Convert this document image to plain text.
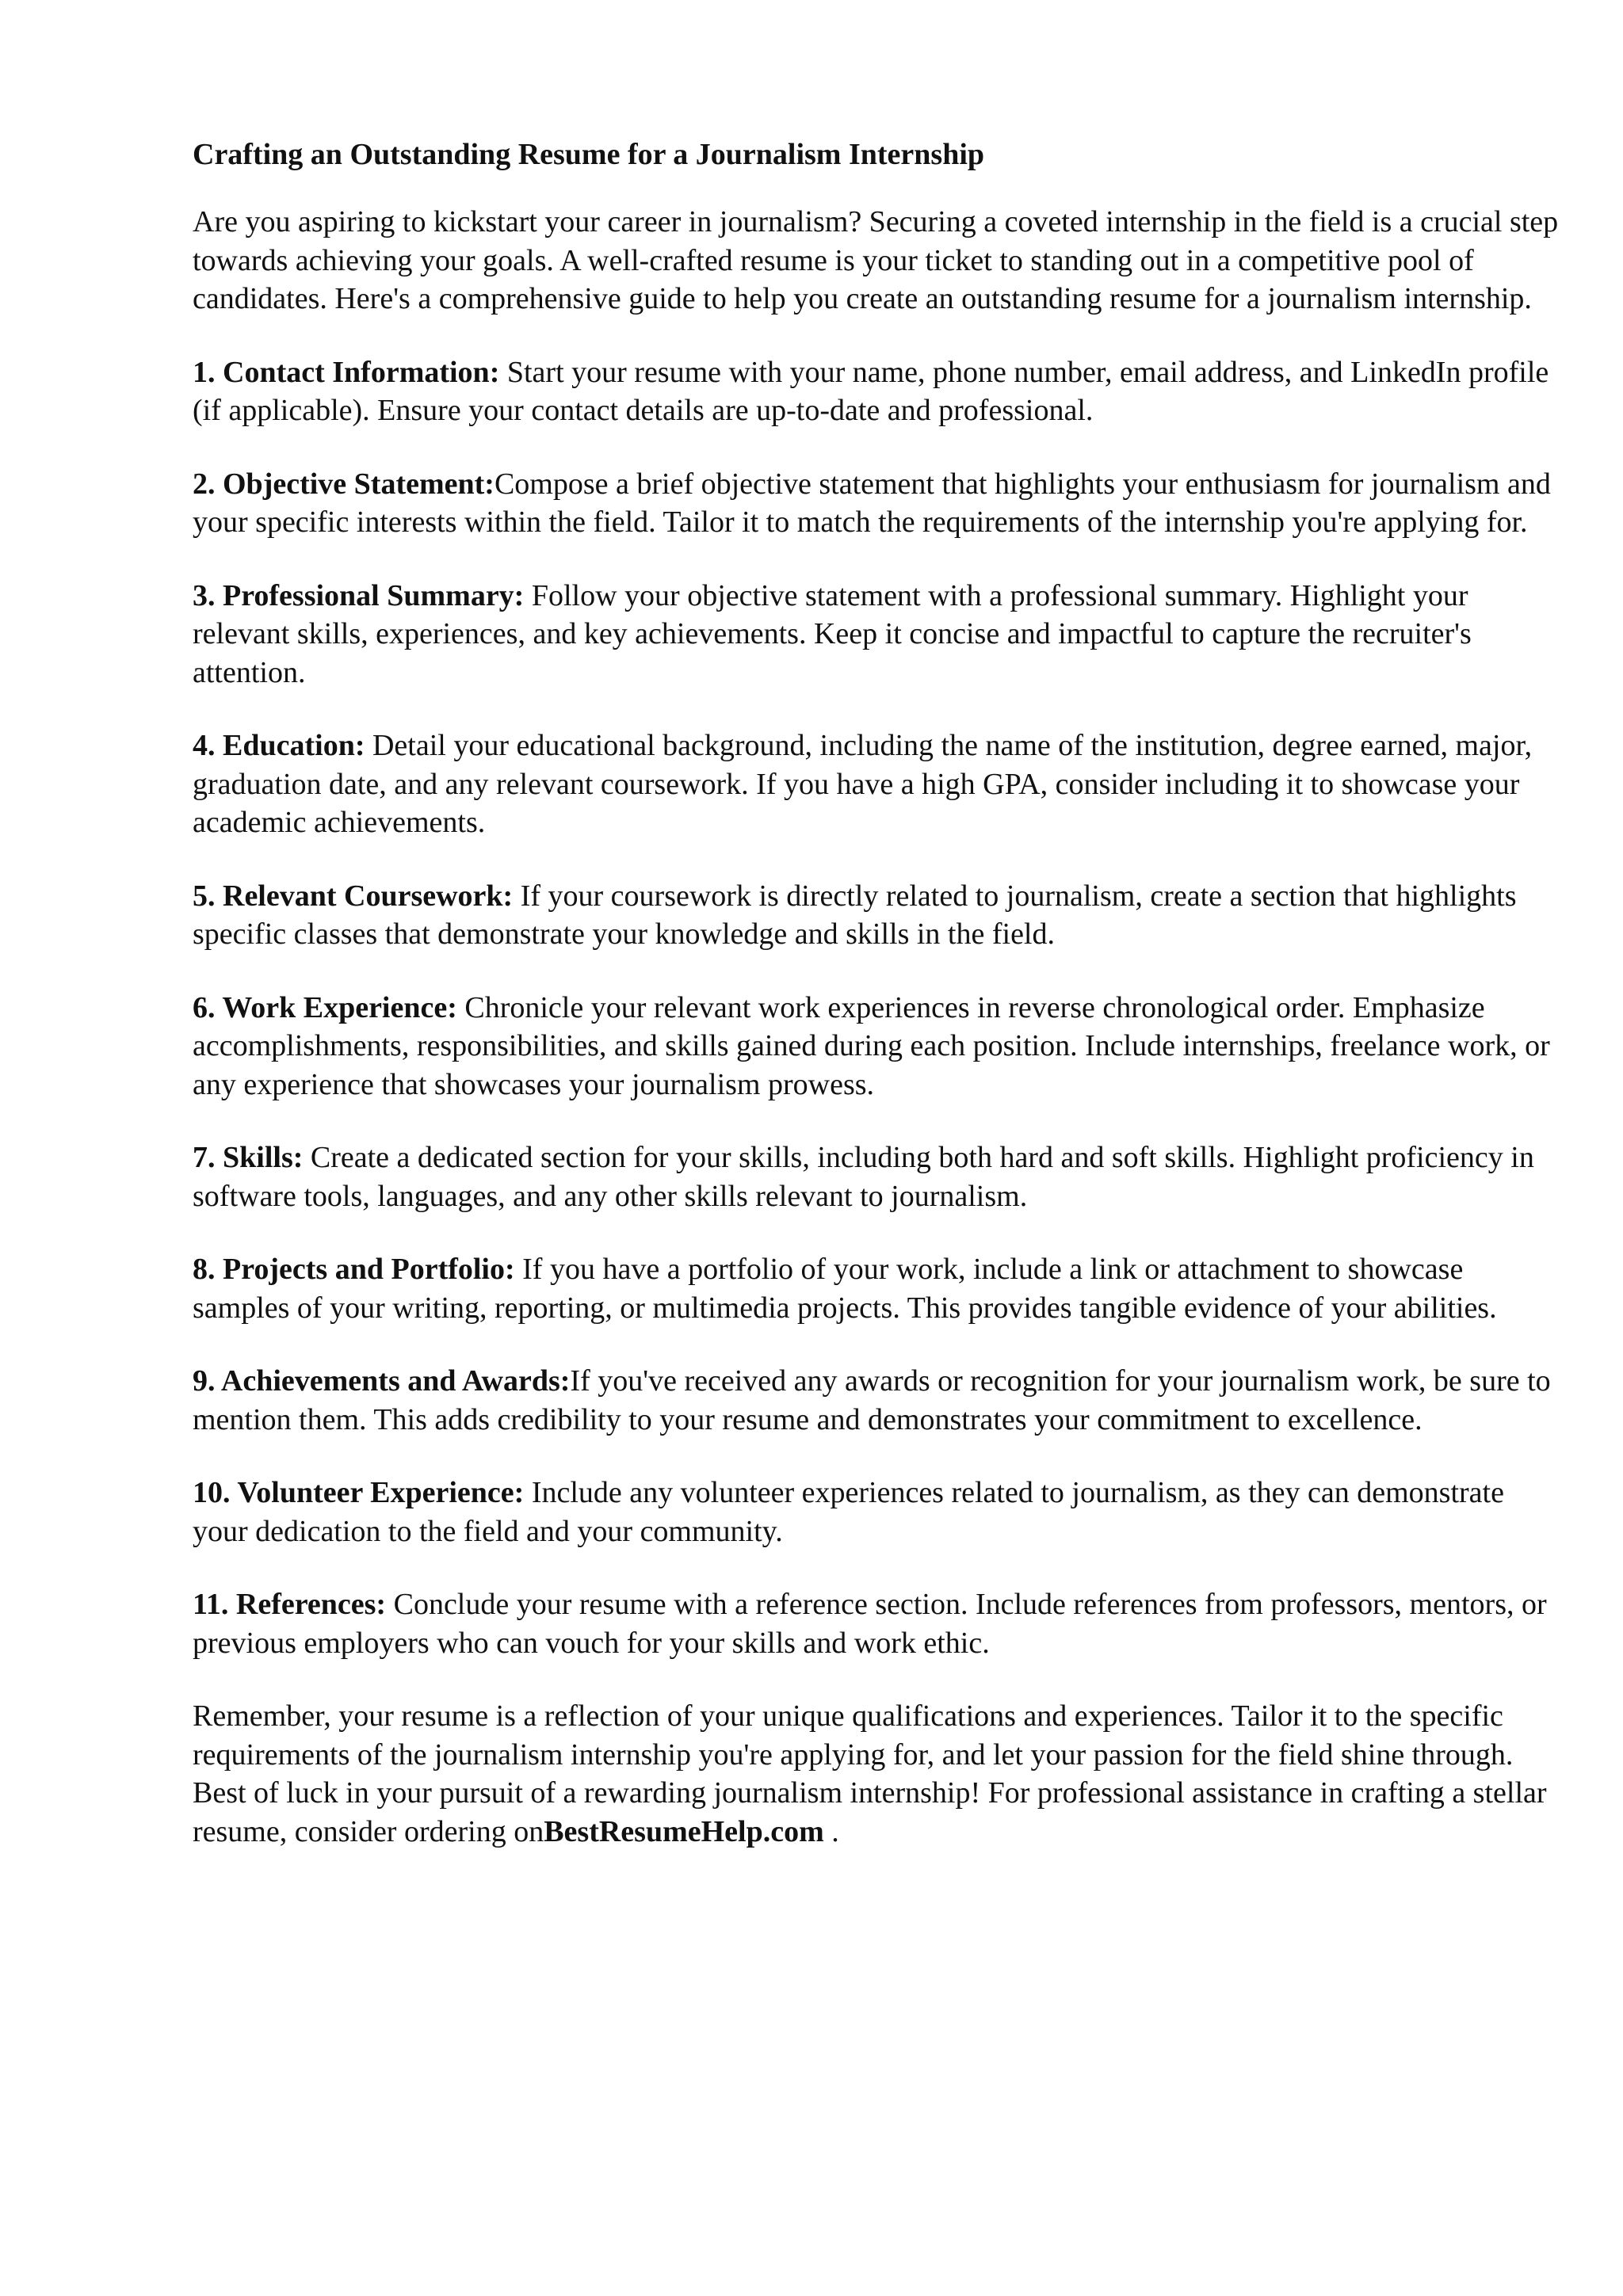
Crafting an Outstanding Resume for a Journalism Internship

Are you aspiring to kickstart your career in journalism? Securing a coveted internship in the field is a crucial step towards achieving your goals. A well-crafted resume is your ticket to standing out in a competitive pool of candidates. Here's a comprehensive guide to help you create an outstanding resume for a journalism internship.

1. Contact Information: Start your resume with your name, phone number, email address, and LinkedIn profile (if applicable). Ensure your contact details are up-to-date and professional.

2. Objective Statement:Compose a brief objective statement that highlights your enthusiasm for journalism and your specific interests within the field. Tailor it to match the requirements of the internship you're applying for.

3. Professional Summary: Follow your objective statement with a professional summary. Highlight your relevant skills, experiences, and key achievements. Keep it concise and impactful to capture the recruiter's attention.

4. Education: Detail your educational background, including the name of the institution, degree earned, major, graduation date, and any relevant coursework. If you have a high GPA, consider including it to showcase your academic achievements.

5. Relevant Coursework: If your coursework is directly related to journalism, create a section that highlights specific classes that demonstrate your knowledge and skills in the field.

6. Work Experience: Chronicle your relevant work experiences in reverse chronological order. Emphasize accomplishments, responsibilities, and skills gained during each position. Include internships, freelance work, or any experience that showcases your journalism prowess.

7. Skills: Create a dedicated section for your skills, including both hard and soft skills. Highlight proficiency in software tools, languages, and any other skills relevant to journalism.

8. Projects and Portfolio: If you have a portfolio of your work, include a link or attachment to showcase samples of your writing, reporting, or multimedia projects. This provides tangible evidence of your abilities.

9. Achievements and Awards:If you've received any awards or recognition for your journalism work, be sure to mention them. This adds credibility to your resume and demonstrates your commitment to excellence.

10. Volunteer Experience: Include any volunteer experiences related to journalism, as they can demonstrate your dedication to the field and your community.

11. References: Conclude your resume with a reference section. Include references from professors, mentors, or previous employers who can vouch for your skills and work ethic.

Remember, your resume is a reflection of your unique qualifications and experiences. Tailor it to the specific requirements of the journalism internship you're applying for, and let your passion for the field shine through. Best of luck in your pursuit of a rewarding journalism internship! For professional assistance in crafting a stellar resume, consider ordering onBestResumeHelp.com .
